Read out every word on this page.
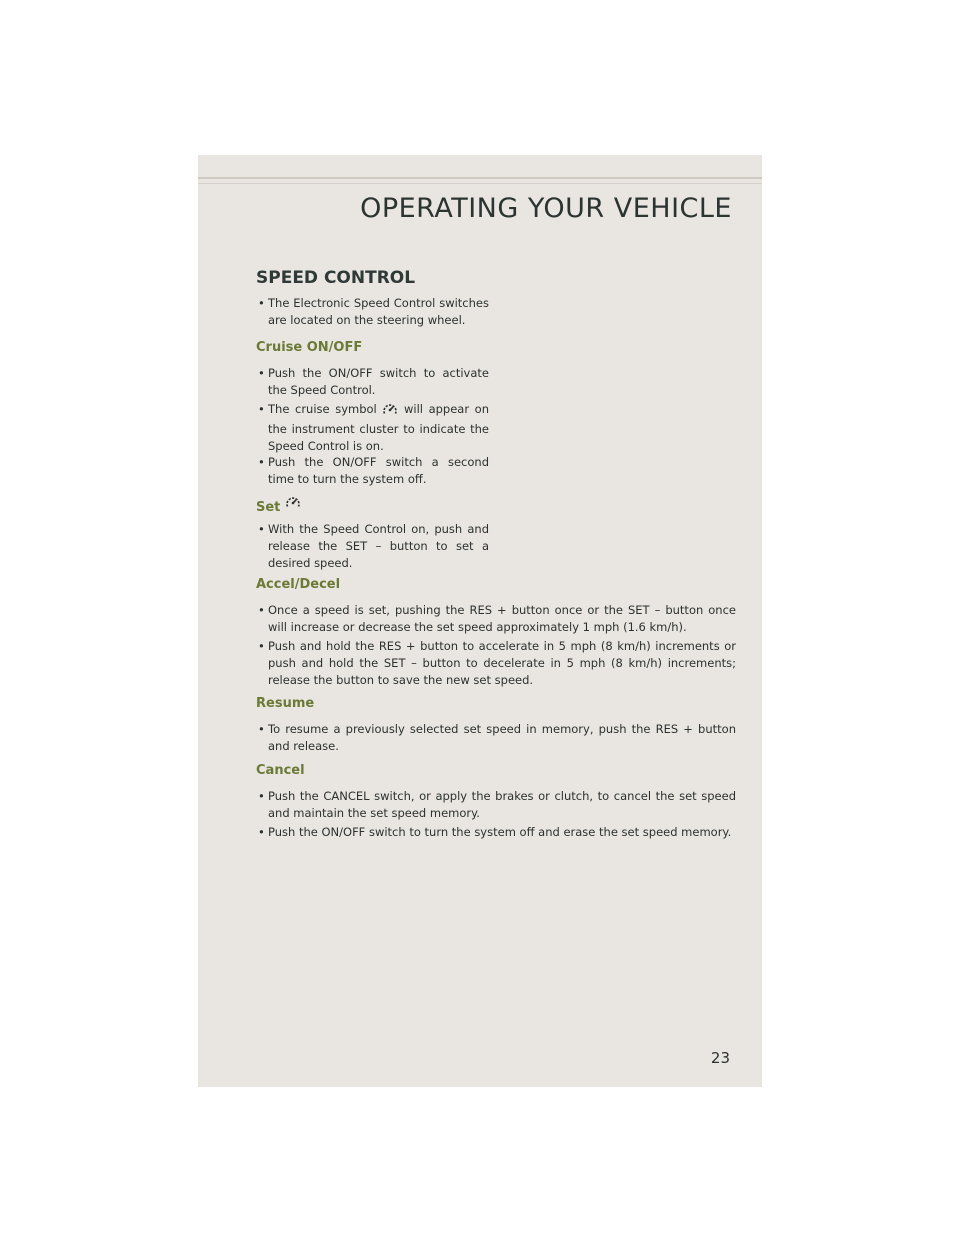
OPERATING YOUR VEHICLE
SPEED CONTROL
• The Electronic Speed Control switches are located on the steering wheel.
Cruise ON/OFF
• Push the ON/OFF switch to activate the Speed Control.
• The cruise symbol will appear on the instrument cluster to indicate the Speed Control is on.
• Push the ON/OFF switch a second time to turn the system off.
Set
• With the Speed Control on, push and release the SET – button to set a desired speed.
Accel/Decel
• Once a speed is set, pushing the RES + button once or the SET – button once will increase or decrease the set speed approximately 1 mph (1.6 km/h).
• Push and hold the RES + button to accelerate in 5 mph (8 km/h) increments or push and hold the SET – button to decelerate in 5 mph (8 km/h) increments; release the button to save the new set speed.
Resume
• To resume a previously selected set speed in memory, push the RES + button and release.
Cancel
• Push the CANCEL switch, or apply the brakes or clutch, to cancel the set speed and maintain the set speed memory.
• Push the ON/OFF switch to turn the system off and erase the set speed memory.
23
